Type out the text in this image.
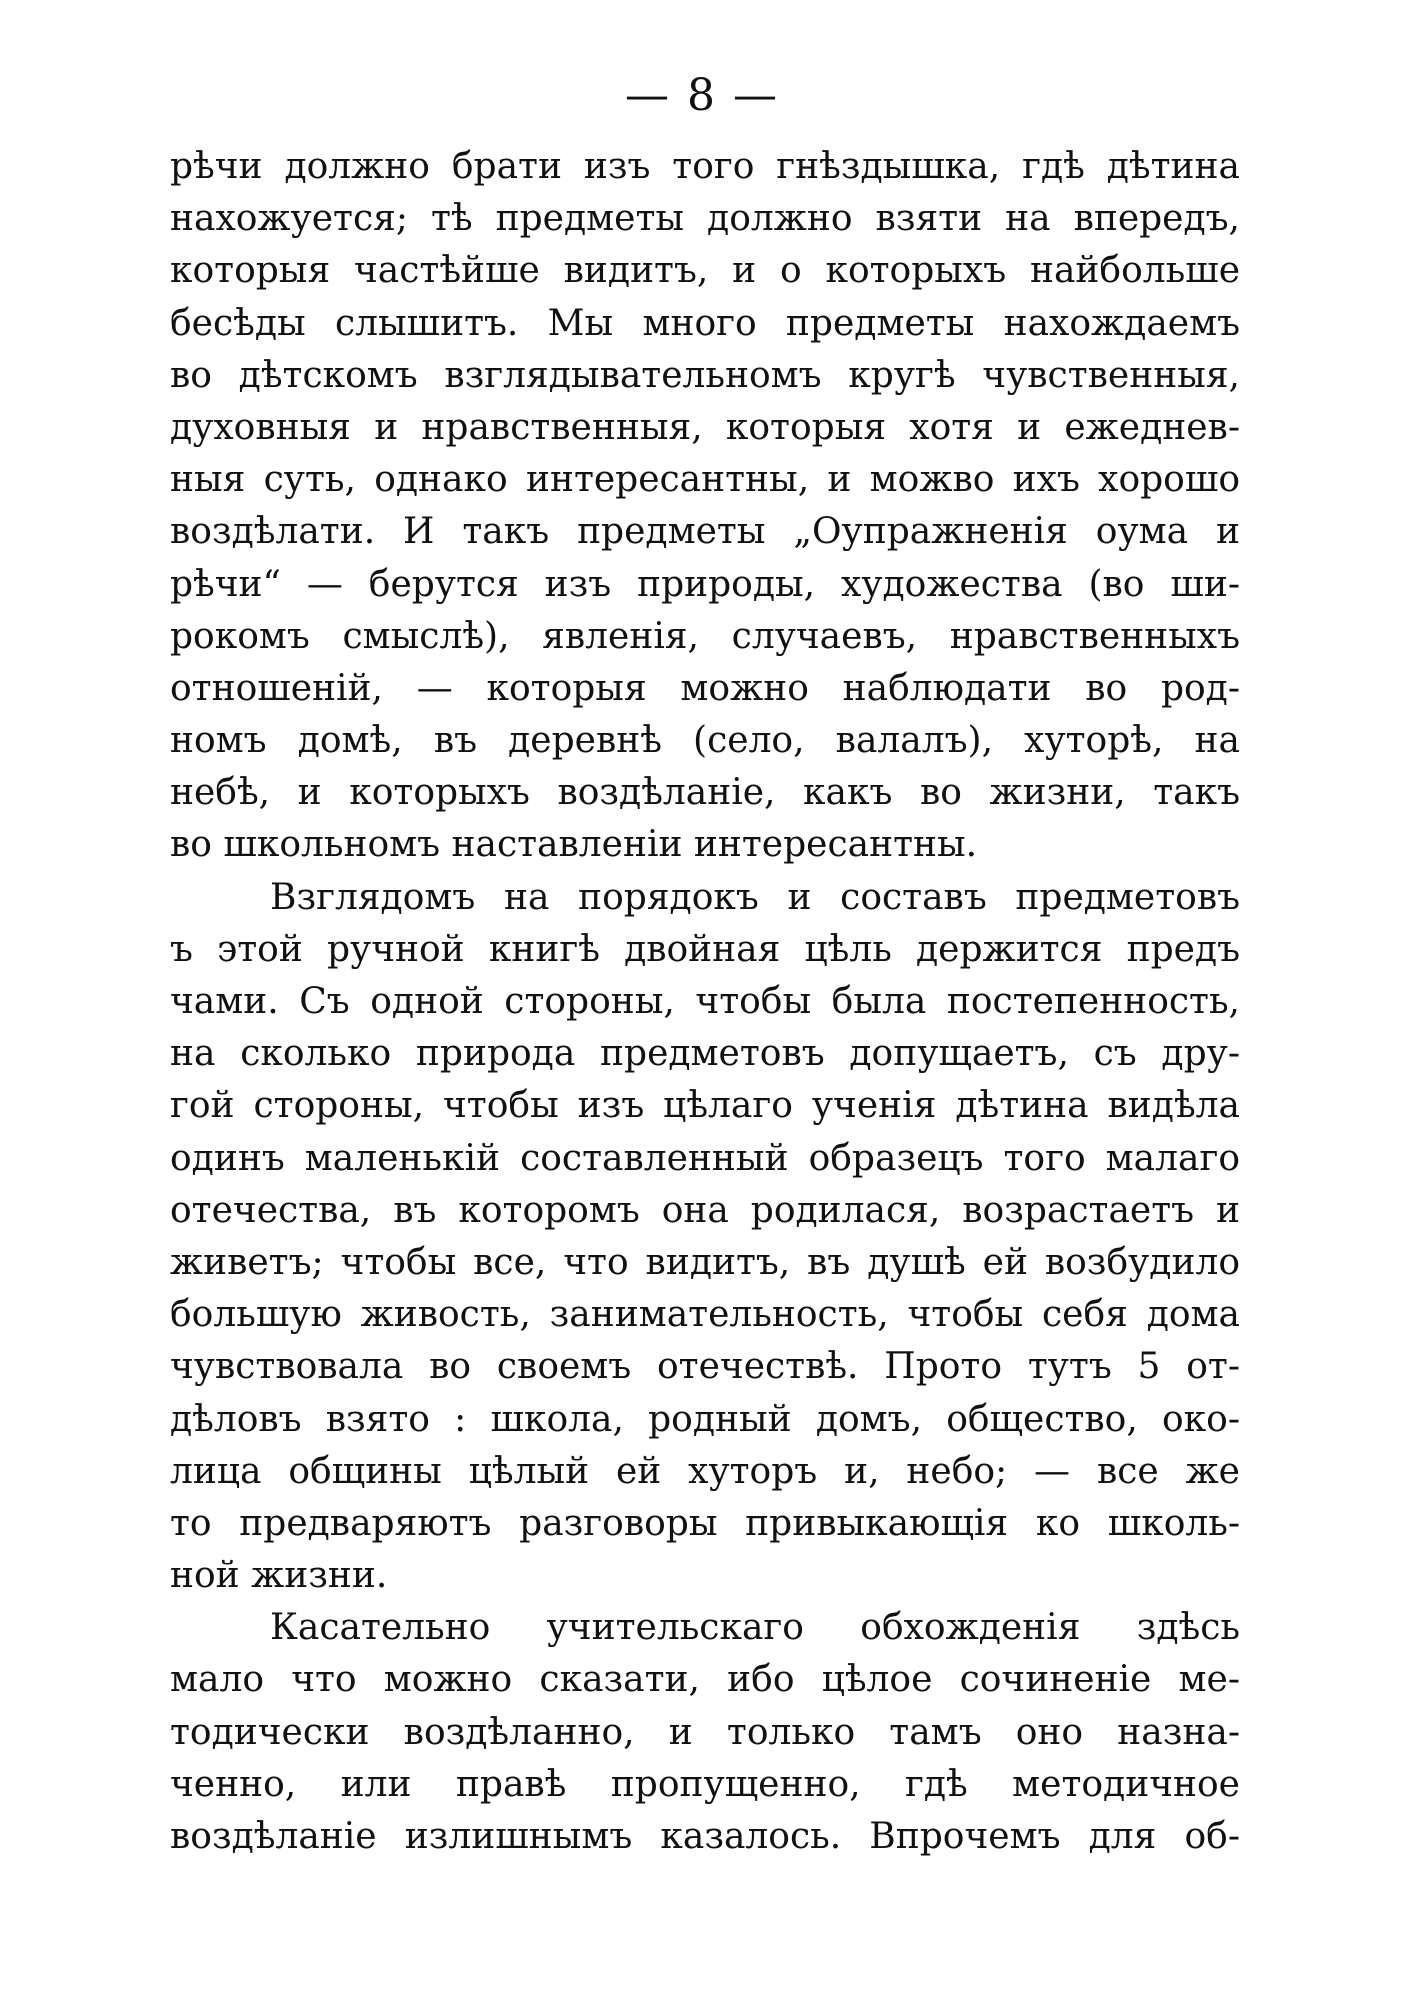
— 8 —
рѣчи должно брати изъ того гнѣздышка, гдѣ дѣтина
нахожуется; тѣ предметы должно взяти на впередъ,
которыя частѣйше видитъ, и о которыхъ найбольше
бесѣды слышитъ. Мы много предметы нахождаемъ
во дѣтскомъ взглядывательномъ кругѣ чувственныя,
духовныя и нравственныя, которыя хотя и ежеднев-
ныя суть, однако интересантны, и можво ихъ хорошо
воздѣлати. И такъ предметы „Оупражненія оума и
рѣчи“ — берутся изъ природы, художества (во ши-
рокомъ смыслѣ), явленія, случаевъ, нравственныхъ
отношеній, — которыя можно наблюдати во род-
номъ домѣ, въ деревнѣ (село, валалъ), хуторѣ, на
небѣ, и которыхъ воздѣланіе, какъ во жизни, такъ
во школьномъ наставленіи интересантны.
Взглядомъ на порядокъ и составъ предметовъ
ъ этой ручной книгѣ двойная цѣль держится предъ
чами. Съ одной стороны, чтобы была постепенность,
на сколько природа предметовъ допущаетъ, съ дру-
гой стороны, чтобы изъ цѣлаго ученія дѣтина видѣла
одинъ маленькій составленный образецъ того малаго
отечества, въ которомъ она родилася, возрастаетъ и
живетъ; чтобы все, что видитъ, въ душѣ ей возбудило
большую живость, занимательность, чтобы себя дома
чувствовала во своемъ отечествѣ. Прото тутъ 5 от-
дѣловъ взято : школа, родный домъ, общество, око-
лица общины цѣлый ей хуторъ и, небо; — все же
то предваряютъ разговоры привыкающія ко школь-
ной жизни.
Касательно учительскаго обхожденія здѣсь
мало что можно сказати, ибо цѣлое сочиненіе ме-
тодически воздѣланно, и только тамъ оно назна-
ченно, или правѣ пропущенно, гдѣ методичное
воздѣланіе излишнымъ казалось. Впрочемъ для об-
